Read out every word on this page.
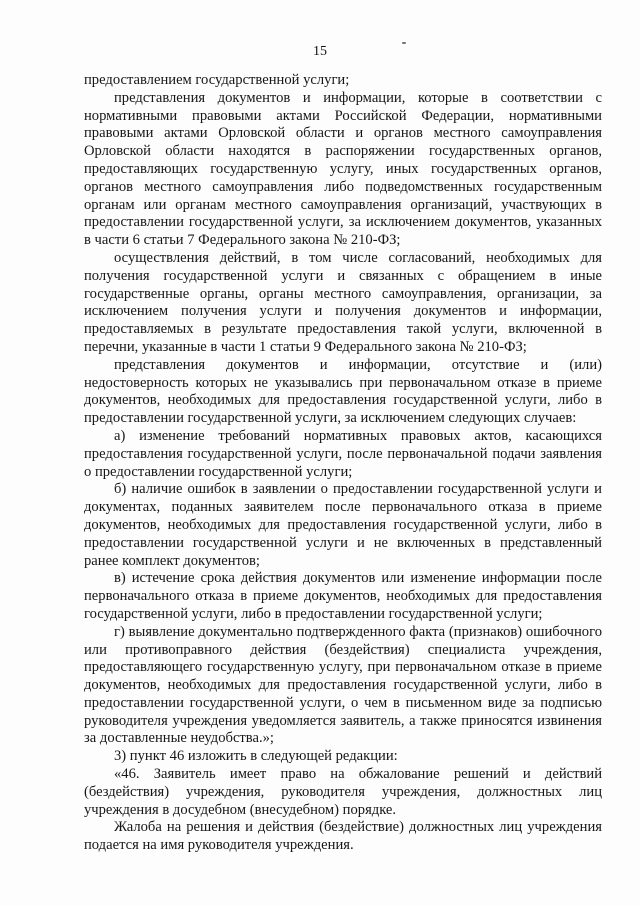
15

предоставлением государственной услуги;

представления документов и информации, которые в соответствии с нормативными правовыми актами Российской Федерации, нормативными правовыми актами Орловской области и органов местного самоуправления Орловской области находятся в распоряжении государственных органов, предоставляющих государственную услугу, иных государственных органов, органов местного самоуправления либо подведомственных государственным органам или органам местного самоуправления организаций, участвующих в предоставлении государственной услуги, за исключением документов, указанных в части 6 статьи 7 Федерального закона № 210-ФЗ;

осуществления действий, в том числе согласований, необходимых для получения государственной услуги и связанных с обращением в иные государственные органы, органы местного самоуправления, организации, за исключением получения услуги и получения документов и информации, предоставляемых в результате предоставления такой услуги, включенной в перечни, указанные в части 1 статьи 9 Федерального закона № 210-ФЗ;

представления документов и информации, отсутствие и (или) недостоверность которых не указывались при первоначальном отказе в приеме документов, необходимых для предоставления государственной услуги, либо в предоставлении государственной услуги, за исключением следующих случаев:

а) изменение требований нормативных правовых актов, касающихся предоставления государственной услуги, после первоначальной подачи заявления о предоставлении государственной услуги;

б) наличие ошибок в заявлении о предоставлении государственной услуги и документах, поданных заявителем после первоначального отказа в приеме документов, необходимых для предоставления государственной услуги, либо в предоставлении государственной услуги и не включенных в представленный ранее комплект документов;

в) истечение срока действия документов или изменение информации после первоначального отказа в приеме документов, необходимых для предоставления государственной услуги, либо в предоставлении государственной услуги;

г) выявление документально подтвержденного факта (признаков) ошибочного или противоправного действия (бездействия) специалиста учреждения, предоставляющего государственную услугу, при первоначальном отказе в приеме документов, необходимых для предоставления государственной услуги, либо в предоставлении государственной услуги, о чем в письменном виде за подписью руководителя учреждения уведомляется заявитель, а также приносятся извинения за доставленные неудобства.»;

3) пункт 46 изложить в следующей редакции:

«46. Заявитель имеет право на обжалование решений и действий (бездействия) учреждения, руководителя учреждения, должностных лиц учреждения в досудебном (внесудебном) порядке.

Жалоба на решения и действия (бездействие) должностных лиц учреждения подается на имя руководителя учреждения.
